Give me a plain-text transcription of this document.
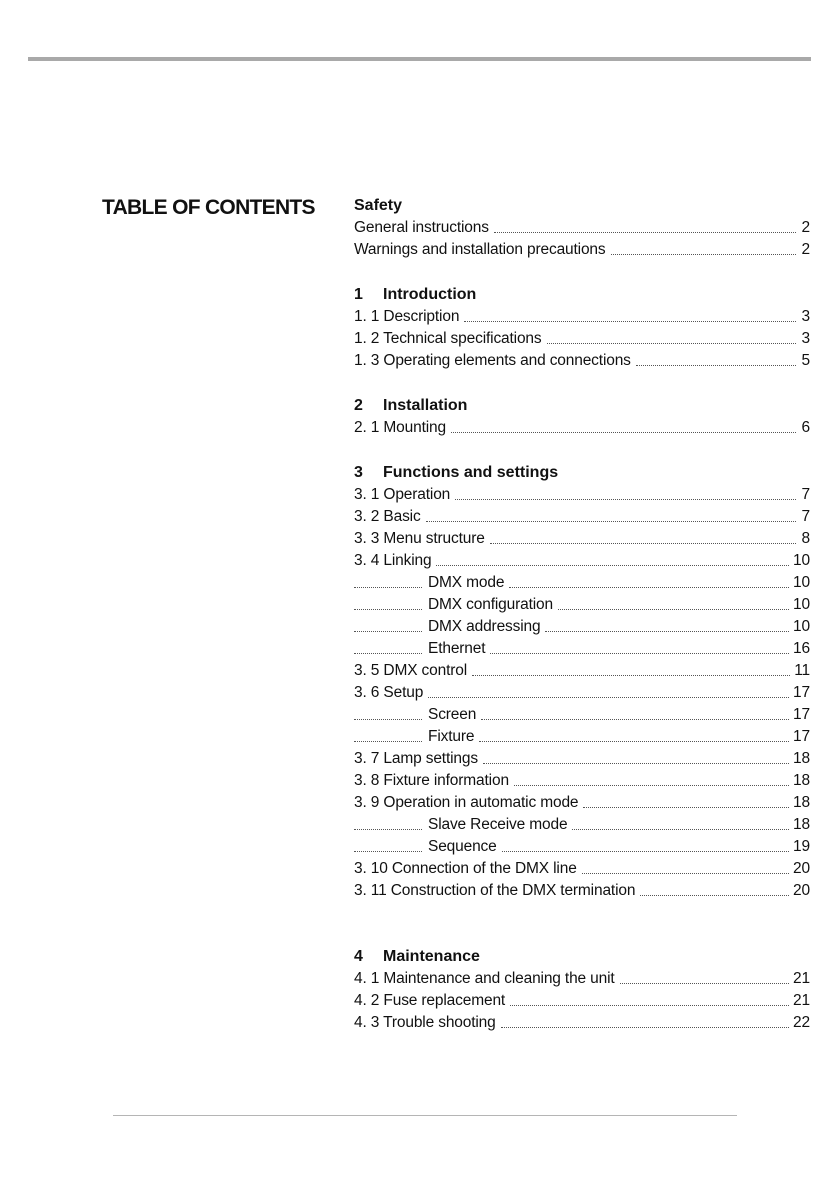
TABLE OF CONTENTS Safety
General instructions	2
Warnings and installation precautions	2
1 Introduction
1. 1 Description	3
1. 2 Technical specifications	3
1. 3 Operating elements and connections	5
2 Installation
2. 1 Mounting	6
3 Functions and settings
3. 1 Operation	7
3. 2 Basic	7
3. 3 Menu structure	8
3. 4 Linking	10
DMX mode	10
DMX configuration	10
DMX addressing	10
Ethernet	16
3. 5 DMX control	11
3. 6 Setup	17
Screen	17
Fixture	17
3. 7 Lamp settings	18
3. 8 Fixture information	18
3. 9 Operation in automatic mode	18
Slave Receive mode	18
Sequence	19
3. 10 Connection of the DMX line	20
3. 11 Construction of the DMX termination	20
4 Maintenance
4. 1 Maintenance and cleaning the unit	21
4. 2 Fuse replacement	21
4. 3 Trouble shooting	22
